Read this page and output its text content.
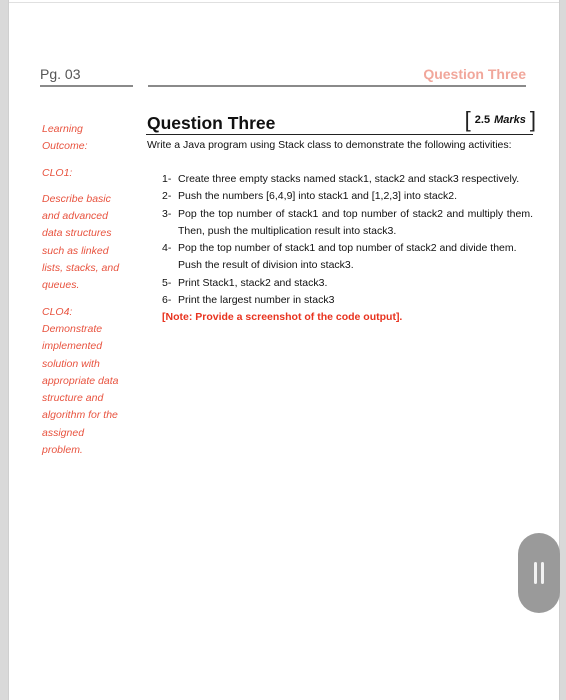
Pg. 03	Question Three
Learning
Outcome:
CLO1:
Describe basic
and advanced
data structures
such as linked
lists, stacks, and
queues.
CLO4:
Demonstrate
implemented
solution with
appropriate data
structure and
algorithm for the
assigned
problem.
Question Three	[ 2.5 Marks ]
Write a Java program using Stack class to demonstrate the following activities:
1- Create three empty stacks named stack1, stack2 and stack3 respectively.
2- Push the numbers [6,4,9] into stack1 and [1,2,3] into stack2.
3- Pop the top number of stack1 and top number of stack2 and multiply them. Then, push the multiplication result into stack3.
4- Pop the top number of stack1 and top number of stack2 and divide them.
Push the result of division into stack3.
5- Print Stack1, stack2 and stack3.
6- Print the largest number in stack3
[Note: Provide a screenshot of the code output].
